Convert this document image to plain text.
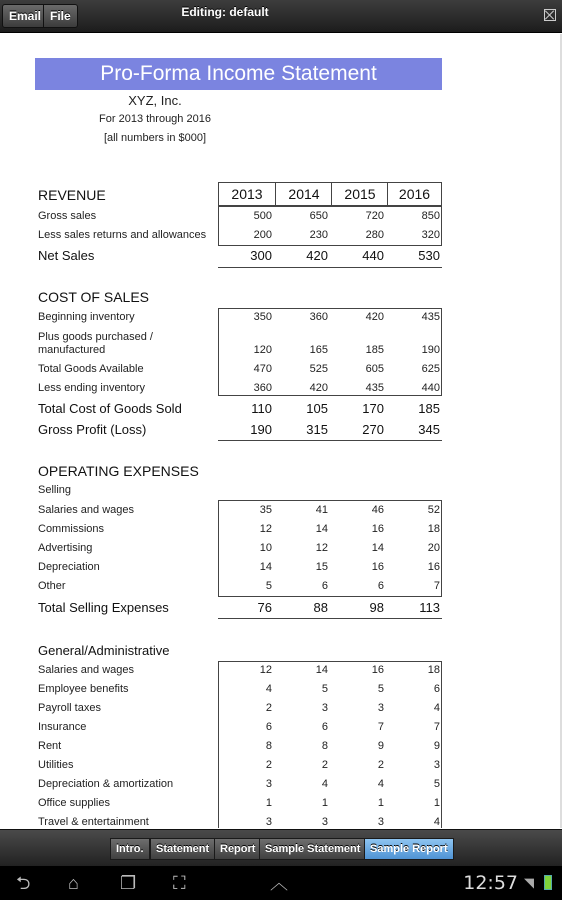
Email File	Editing: default
Pro-Forma Income Statement
XYZ, Inc.
For 2013 through 2016
[all numbers in $000]
2013	2014	2015	2016
REVENUE
Gross sales	500	650	720	850
Less sales returns and allowances	200	230	280	320
Net Sales	300	420	440	530
COST OF SALES
Beginning inventory	350	360	420	435
Plus goods purchased /
manufactured	120	165	185	190
Total Goods Available	470	525	605	625
Less ending inventory	360	420	435	440
Total Cost of Goods Sold	110	105	170	185
Gross Profit (Loss)	190	315	270	345
OPERATING EXPENSES
Selling
Salaries and wages	35	41	46	52
Commissions	12	14	16	18
Advertising	10	12	14	20
Depreciation	14	15	16	16
Other	5	6	6	7
Total Selling Expenses	76	88	98	113
General/Administrative
Salaries and wages	12	14	16	18
Employee benefits	4	5	5	6
Payroll taxes	2	3	3	4
Insurance	6	6	7	7
Rent	8	8	9	9
Utilities	2	2	2	3
Depreciation & amortization	3	4	4	5
Office supplies	1	1	1	1
Travel & entertainment	3	3	3	4
Intro.	Statement Report Sample Statement Sample Report
⮌ ⌂ ❐ ⛶	︿	12:57 ◥
